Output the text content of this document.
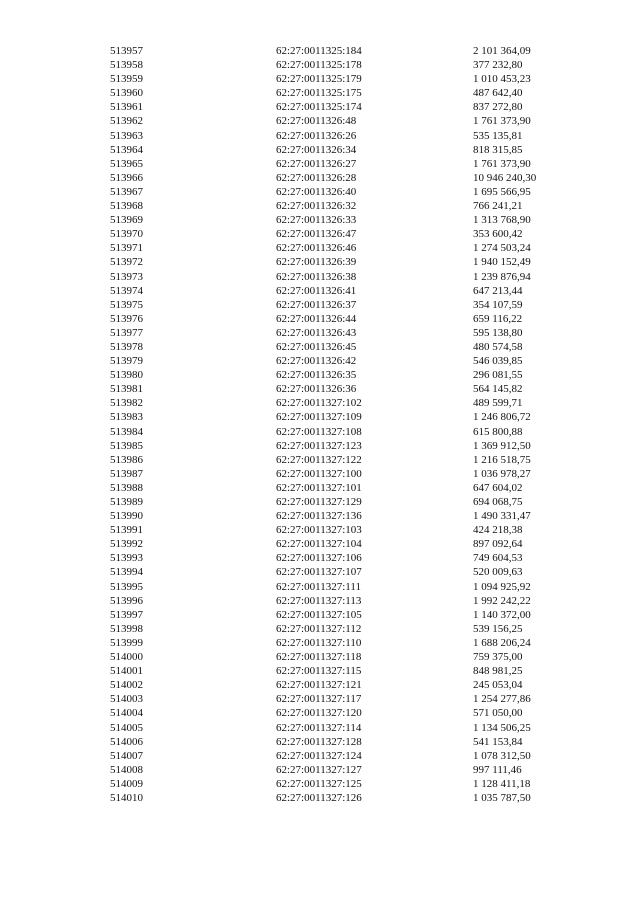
513957	62:27:0011325:184	2 101 364,09
513958	62:27:0011325:178	377 232,80
513959	62:27:0011325:179	1 010 453,23
513960	62:27:0011325:175	487 642,40
513961	62:27:0011325:174	837 272,80
513962	62:27:0011326:48	1 761 373,90
513963	62:27:0011326:26	535 135,81
513964	62:27:0011326:34	818 315,85
513965	62:27:0011326:27	1 761 373,90
513966	62:27:0011326:28	10 946 240,30
513967	62:27:0011326:40	1 695 566,95
513968	62:27:0011326:32	766 241,21
513969	62:27:0011326:33	1 313 768,90
513970	62:27:0011326:47	353 600,42
513971	62:27:0011326:46	1 274 503,24
513972	62:27:0011326:39	1 940 152,49
513973	62:27:0011326:38	1 239 876,94
513974	62:27:0011326:41	647 213,44
513975	62:27:0011326:37	354 107,59
513976	62:27:0011326:44	659 116,22
513977	62:27:0011326:43	595 138,80
513978	62:27:0011326:45	480 574,58
513979	62:27:0011326:42	546 039,85
513980	62:27:0011326:35	296 081,55
513981	62:27:0011326:36	564 145,82
513982	62:27:0011327:102	489 599,71
513983	62:27:0011327:109	1 246 806,72
513984	62:27:0011327:108	615 800,88
513985	62:27:0011327:123	1 369 912,50
513986	62:27:0011327:122	1 216 518,75
513987	62:27:0011327:100	1 036 978,27
513988	62:27:0011327:101	647 604,02
513989	62:27:0011327:129	694 068,75
513990	62:27:0011327:136	1 490 331,47
513991	62:27:0011327:103	424 218,38
513992	62:27:0011327:104	897 092,64
513993	62:27:0011327:106	749 604,53
513994	62:27:0011327:107	520 009,63
513995	62:27:0011327:111	1 094 925,92
513996	62:27:0011327:113	1 992 242,22
513997	62:27:0011327:105	1 140 372,00
513998	62:27:0011327:112	539 156,25
513999	62:27:0011327:110	1 688 206,24
514000	62:27:0011327:118	759 375,00
514001	62:27:0011327:115	848 981,25
514002	62:27:0011327:121	245 053,04
514003	62:27:0011327:117	1 254 277,86
514004	62:27:0011327:120	571 050,00
514005	62:27:0011327:114	1 134 506,25
514006	62:27:0011327:128	541 153,84
514007	62:27:0011327:124	1 078 312,50
514008	62:27:0011327:127	997 111,46
514009	62:27:0011327:125	1 128 411,18
514010	62:27:0011327:126	1 035 787,50
